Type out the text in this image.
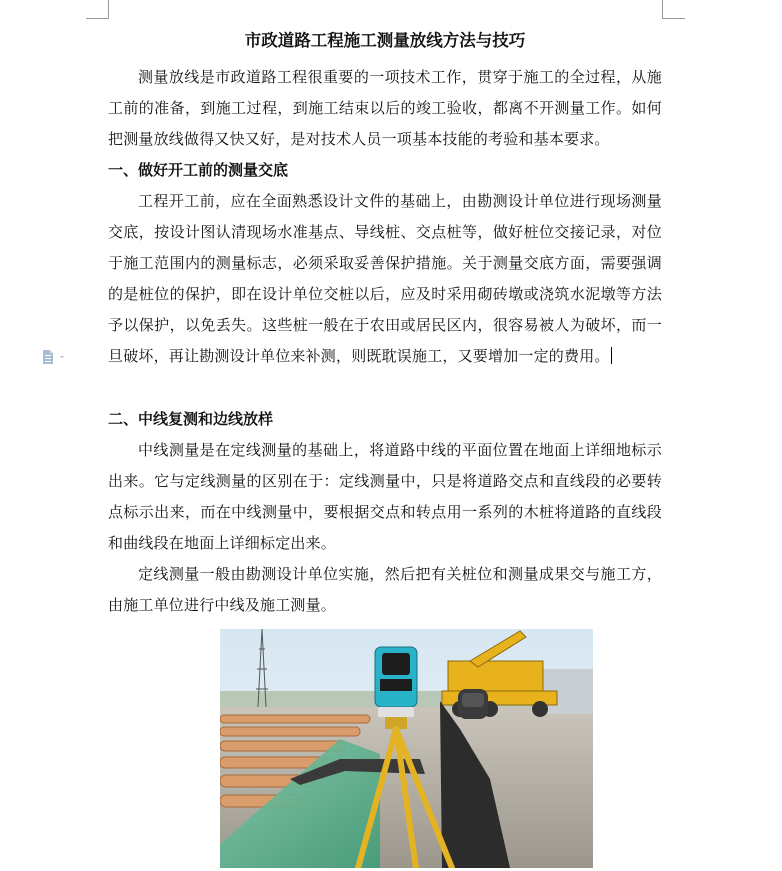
市政道路工程施工测量放线方法与技巧

测量放线是市政道路工程很重要的一项技术工作，贯穿于施工的全过程，从施工前的准备，到施工过程，到施工结束以后的竣工验收，都离不开测量工作。如何把测量放线做得又快又好，是对技术人员一项基本技能的考验和基本要求。

一、做好开工前的测量交底

工程开工前，应在全面熟悉设计文件的基础上，由勘测设计单位进行现场测量交底，按设计图认清现场水准基点、导线桩、交点桩等，做好桩位交接记录，对位于施工范围内的测量标志，必须采取妥善保护措施。关于测量交底方面，需要强调的是桩位的保护，即在设计单位交桩以后，应及时采用砌砖墩或浇筑水泥墩等方法予以保护，以免丢失。这些桩一般在于农田或居民区内，很容易被人为破坏，而一旦破坏，再让勘测设计单位来补测，则既耽误施工，又要增加一定的费用。

二、中线复测和边线放样

中线测量是在定线测量的基础上，将道路中线的平面位置在地面上详细地标示出来。它与定线测量的区别在于：定线测量中，只是将道路交点和直线段的必要转点标示出来，而在中线测量中，要根据交点和转点用一系列的木桩将道路的直线段和曲线段在地面上详细标定出来。

定线测量一般由勘测设计单位实施，然后把有关桩位和测量成果交与施工方，由施工单位进行中线及施工测量。
